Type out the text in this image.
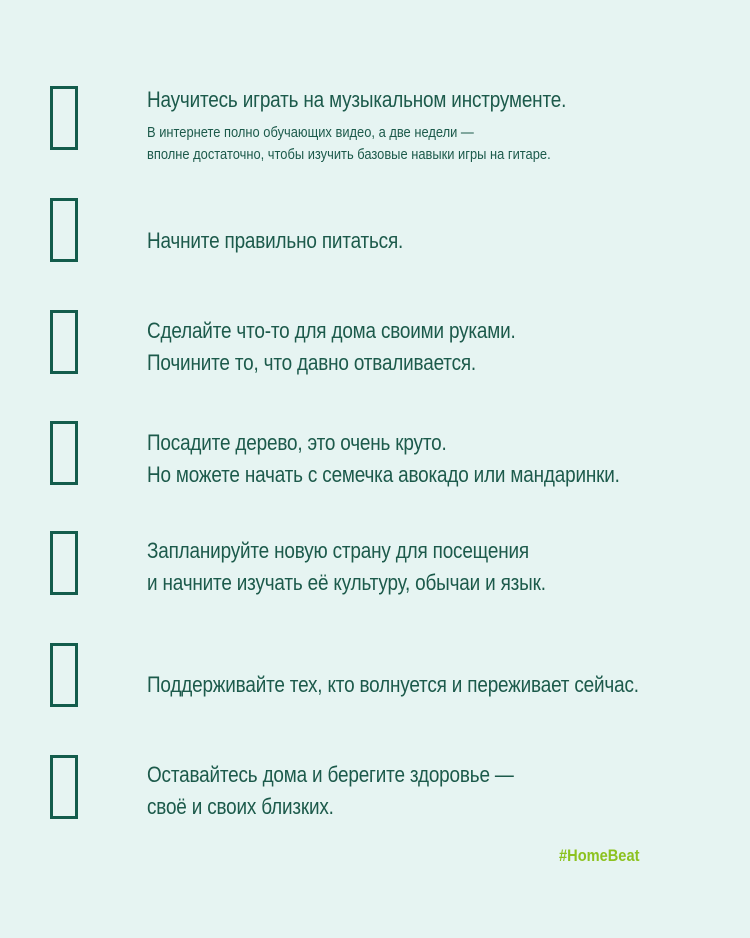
Научитесь играть на музыкальном инструменте.
В интернете полно обучающих видео, а две недели —
вполне достаточно, чтобы изучить базовые навыки игры на гитаре.
Начните правильно питаться.
Сделайте что-то для дома своими руками.
Почините то, что давно отваливается.
Посадите дерево, это очень круто.
Но можете начать с семечка авокадо или мандаринки.
Запланируйте новую страну для посещения
и начните изучать её культуру, обычаи и язык.
Поддерживайте тех, кто волнуется и переживает сейчас.
Оставайтесь дома и берегите здоровье —
своё и своих близких.
#HomeBeat
